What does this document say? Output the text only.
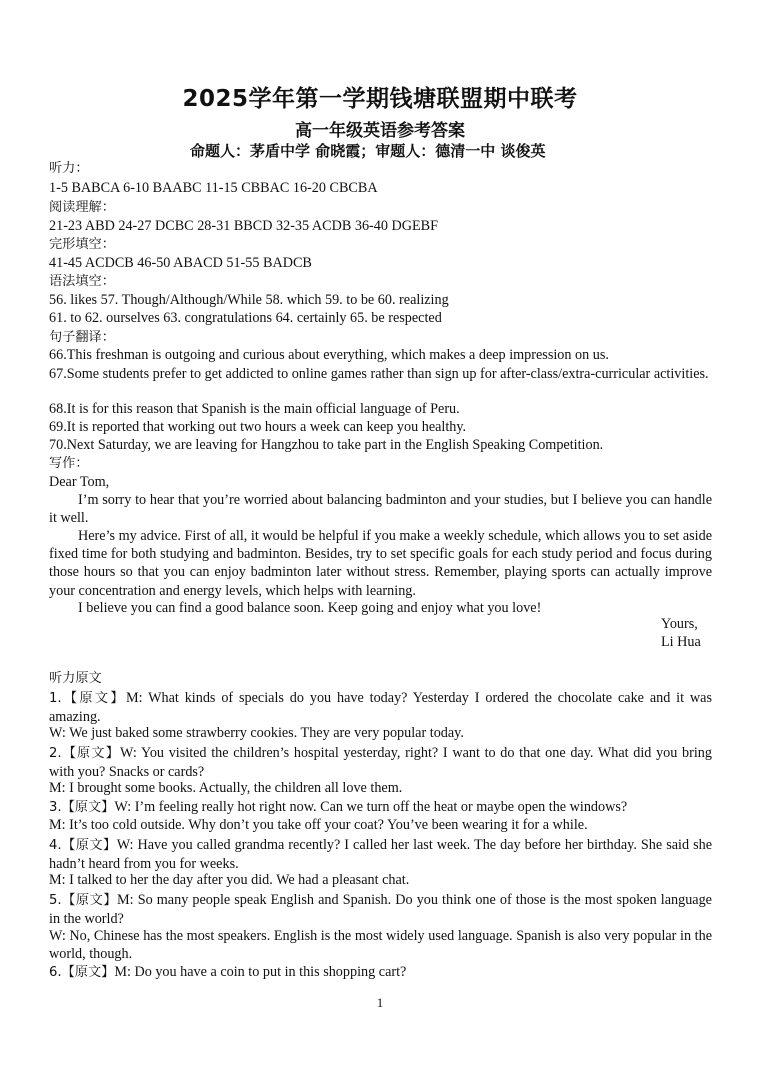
2025学年第一学期钱塘联盟期中联考
高一年级英语参考答案
命题人：茅盾中学 俞晓霞；审题人：德清一中 谈俊英
听力：
1-5 BABCA 6-10 BAABC 11-15 CBBAC 16-20 CBCBA
阅读理解：
21-23 ABD 24-27 DCBC 28-31 BBCD 32-35 ACDB 36-40 DGEBF
完形填空：
41-45 ACDCB 46-50 ABACD 51-55 BADCB
语法填空：
56. likes 57. Though/Although/While 58. which 59. to be 60. realizing
61. to 62. ourselves 63. congratulations 64. certainly 65. be respected
句子翻译：
66.This freshman is outgoing and curious about everything, which makes a deep impression on us.
67.Some students prefer to get addicted to online games rather than sign up for after-class/extra-curricular activities.
68.It is for this reason that Spanish is the main official language of Peru.
69.It is reported that working out two hours a week can keep you healthy.
70.Next Saturday, we are leaving for Hangzhou to take part in the English Speaking Competition.
写作：
Dear Tom,
I’m sorry to hear that you’re worried about balancing badminton and your studies, but I believe you can handle it well.
Here’s my advice. First of all, it would be helpful if you make a weekly schedule, which allows you to set aside fixed time for both studying and badminton. Besides, try to set specific goals for each study period and focus during those hours so that you can enjoy badminton later without stress. Remember, playing sports can actually improve your concentration and energy levels, which helps with learning.
I believe you can find a good balance soon. Keep going and enjoy what you love!
Yours,
Li Hua
听力原文
1.【原文】M: What kinds of specials do you have today? Yesterday I ordered the chocolate cake and it was amazing.
W: We just baked some strawberry cookies. They are very popular today.
2.【原文】W: You visited the children’s hospital yesterday, right? I want to do that one day. What did you bring with you? Snacks or cards?
M: I brought some books. Actually, the children all love them.
3.【原文】W: I’m feeling really hot right now. Can we turn off the heat or maybe open the windows?
M: It’s too cold outside. Why don’t you take off your coat? You’ve been wearing it for a while.
4.【原文】W: Have you called grandma recently? I called her last week. The day before her birthday. She said she hadn’t heard from you for weeks.
M: I talked to her the day after you did. We had a pleasant chat.
5.【原文】M: So many people speak English and Spanish. Do you think one of those is the most spoken language in the world?
W: No, Chinese has the most speakers. English is the most widely used language. Spanish is also very popular in the world, though.
6.【原文】M: Do you have a coin to put in this shopping cart?
1
